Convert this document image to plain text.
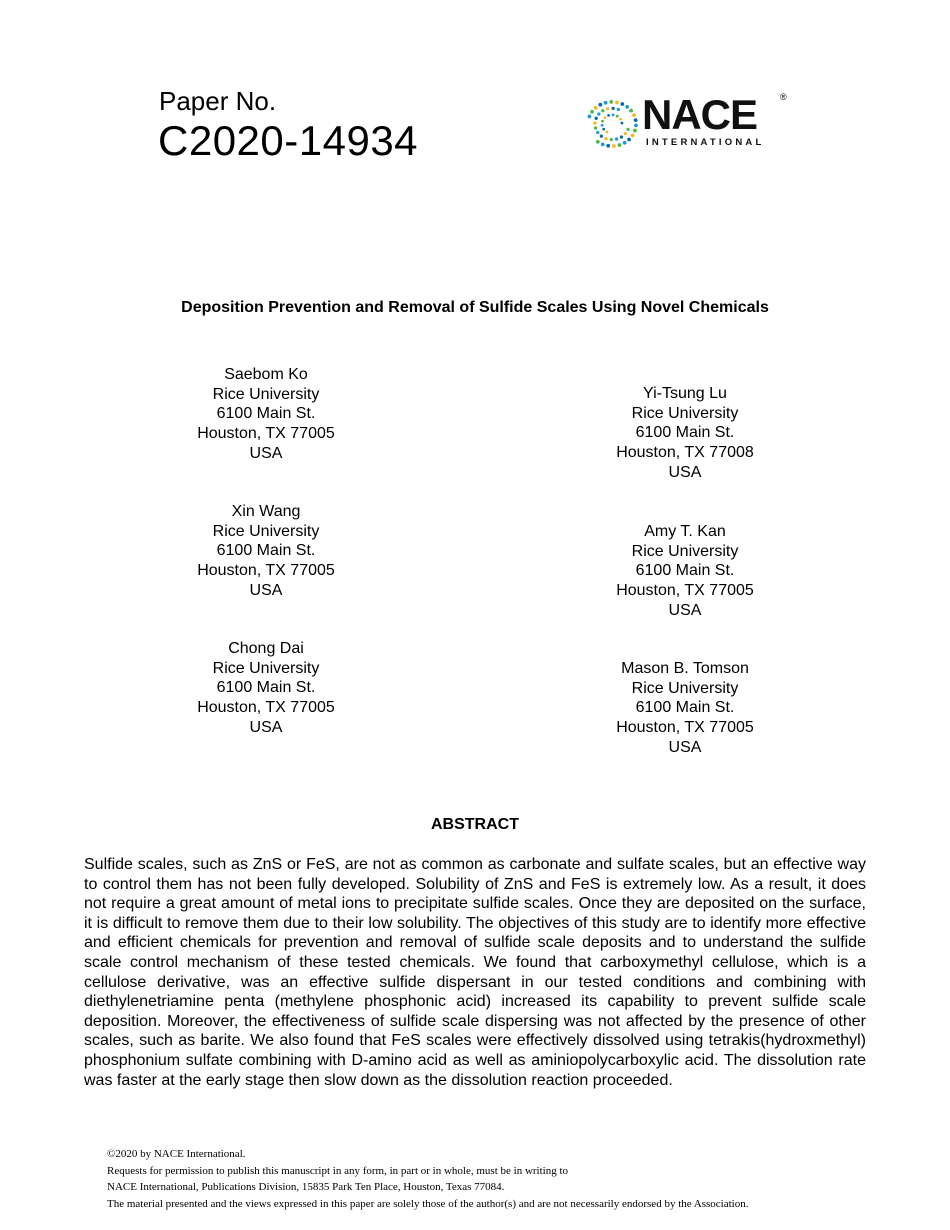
Paper No.
C2020-14934
NACE	®
INTERNATIONAL
Deposition Prevention and Removal of Sulfide Scales Using Novel Chemicals
Saebom Ko
Rice University
6100 Main St.
Houston, TX 77005
USA
Xin Wang
Rice University
6100 Main St.
Houston, TX 77005
USA
Chong Dai
Rice University
6100 Main St.
Houston, TX 77005
USA
Yi-Tsung Lu
Rice University
6100 Main St.
Houston, TX 77008
USA
Amy T. Kan
Rice University
6100 Main St.
Houston, TX 77005
USA
Mason B. Tomson
Rice University
6100 Main St.
Houston, TX 77005
USA
ABSTRACT
Sulfide scales, such as ZnS or FeS, are not as common as carbonate and sulfate scales, but an effective way to control them has not been fully developed. Solubility of ZnS and FeS is extremely low. As a result, it does not require a great amount of metal ions to precipitate sulfide scales. Once they are deposited on the surface, it is difficult to remove them due to their low solubility. The objectives of this study are to identify more effective and efficient chemicals for prevention and removal of sulfide scale deposits and to understand the sulfide scale control mechanism of these tested chemicals. We found that carboxymethyl cellulose, which is a cellulose derivative, was an effective sulfide dispersant in our tested conditions and combining with diethylenetriamine penta (methylene phosphonic acid) increased its capability to prevent sulfide scale deposition. Moreover, the effectiveness of sulfide scale dispersing was not affected by the presence of other scales, such as barite. We also found that FeS scales were effectively dissolved using tetrakis(hydroxmethyl) phosphonium sulfate combining with D-amino acid as well as aminiopolycarboxylic acid. The dissolution rate was faster at the early stage then slow down as the dissolution reaction proceeded.
©2020 by NACE International.
Requests for permission to publish this manuscript in any form, in part or in whole, must be in writing to
NACE International, Publications Division, 15835 Park Ten Place, Houston, Texas 77084.
The material presented and the views expressed in this paper are solely those of the author(s) and are not necessarily endorsed by the Association.
